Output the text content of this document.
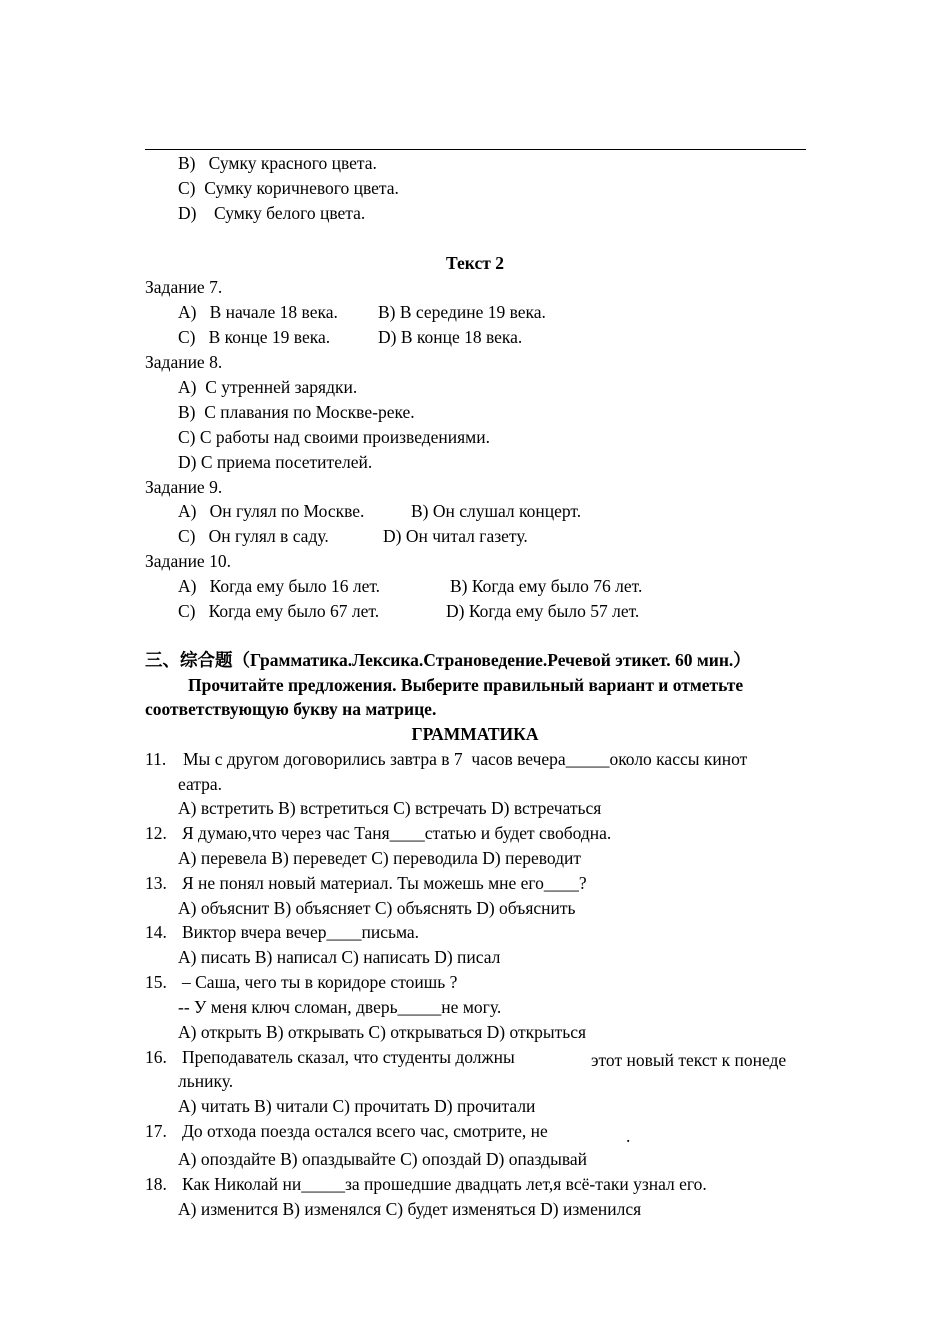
B)   Сумку красного цвета.
C)  Сумку коричневого цвета.
D)    Сумку белого цвета.
Текст 2
Задание 7.
A)   В начале 18 века. B) В середине 19 века.
C)   В конце 19 века.	D) В конце 18 века.
Задание 8.
A)  С утренней зарядки.
B)  С плавания по Москве-реке.
C) С работы над своими произведениями.
D) С приема посетителей.
Задание 9.
A)   Он гулял по Москве.	B) Он слушал концерт.
C)   Он гулял в саду.	D) Он читал газету.
Задание 10.
A)   Когда ему было 16 лет.	B) Когда ему было 76 лет.
C)   Когда ему было 67 лет.	D) Когда ему было 57 лет.
三、综合题（Грамматика.Лексика.Страноведение.Речевой этикет. 60 мин.）
Прочитайте предложения. Выберите правильный вариант и отметьте
соответствующую букву на матрице.
ГРАММАТИКА
11. Мы с другом договорились завтра в 7  часов вечера_____около кассы кинот
еатра.
A) встретить B) встретиться C) встречать D) встречаться
12. Я думаю,что через час Таня____статью и будет свободна.
A) перевела B) переведет C) переводила D) переводит
13. Я не понял новый материал. Ты можешь мне его____?
A) объяснит B) объясняет C) объяснять D) объяснить
14. Виктор вчера вечер____письма.
A) писать B) написал C) написать D) писал
15. – Саша, чего ты в коридоре стоишь ?
-- У меня ключ сломан, дверь_____не могу.
A) открыть B) открывать C) открываться D) открыться
16. Преподаватель сказал, что студенты должны	этот новый текст к понеде
льнику.
A) читать B) читали C) прочитать D) прочитали
17. До отхода поезда остался всего час, смотрите, не	.
A) опоздайте B) опаздывайте C) опоздай D) опаздывай
18. Как Николай ни_____за прошедшие двадцать лет,я всё-таки узнал его.
A) изменится B) изменялся C) будет изменяться D) изменился
